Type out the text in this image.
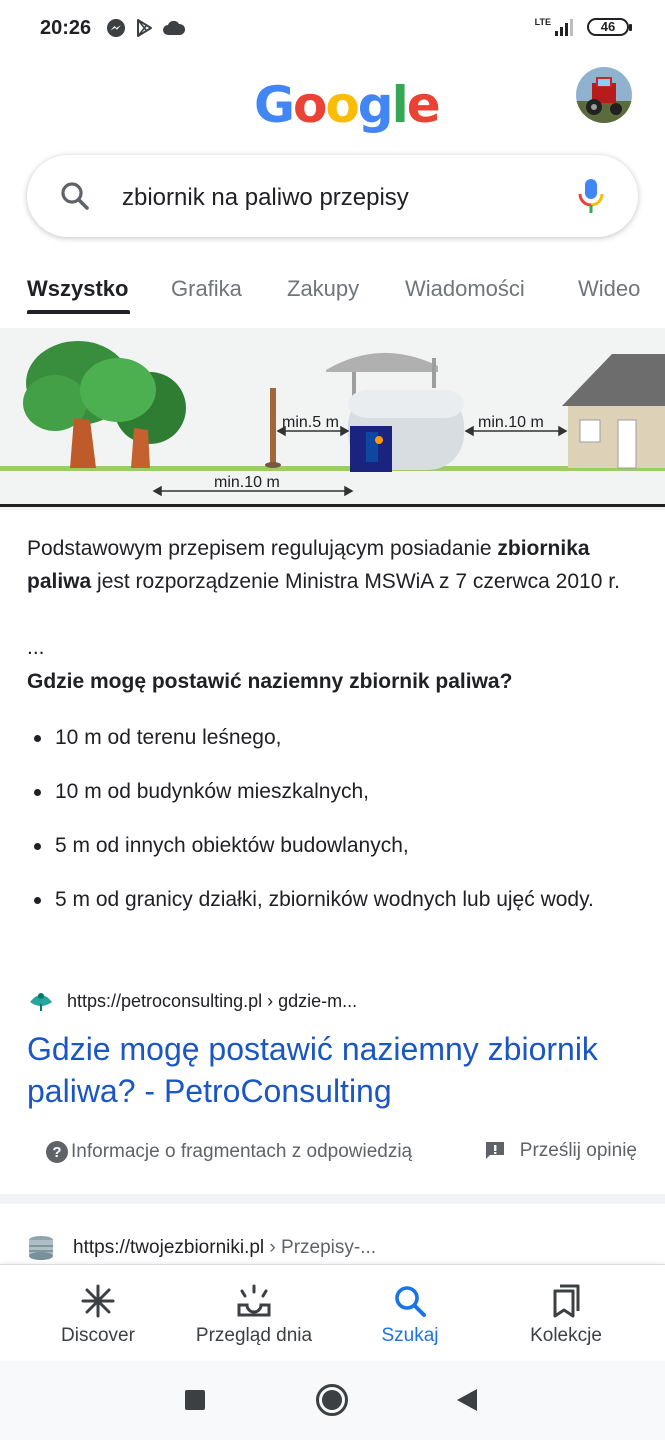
20:26	LTE	46
Google
zbiornik na paliwo przepisy
Wszystko Grafika Zakupy Wiadomości Wideo
min.5 m	min.10 m
min.10 m
Podstawowym przepisem regulującym posiadanie zbiornika paliwa jest rozporządzenie Ministra MSWiA z 7 czerwca 2010 r.
...
Gdzie mogę postawić naziemny zbiornik paliwa?
10 m od terenu leśnego,
10 m od budynków mieszkalnych,
5 m od innych obiektów budowlanych,
5 m od granicy działki, zbiorników wodnych lub ujęć wody.
https://petroconsulting.pl › gdzie-m...
Gdzie mogę postawić naziemny zbiornik paliwa? - PetroConsulting
? Informacje o fragmentach z odpowiedzią	Prześlij opinię
https://twojezbiorniki.pl › Przepisy-...
Discover	Przegląd dnia	Szukaj	Kolekcje
